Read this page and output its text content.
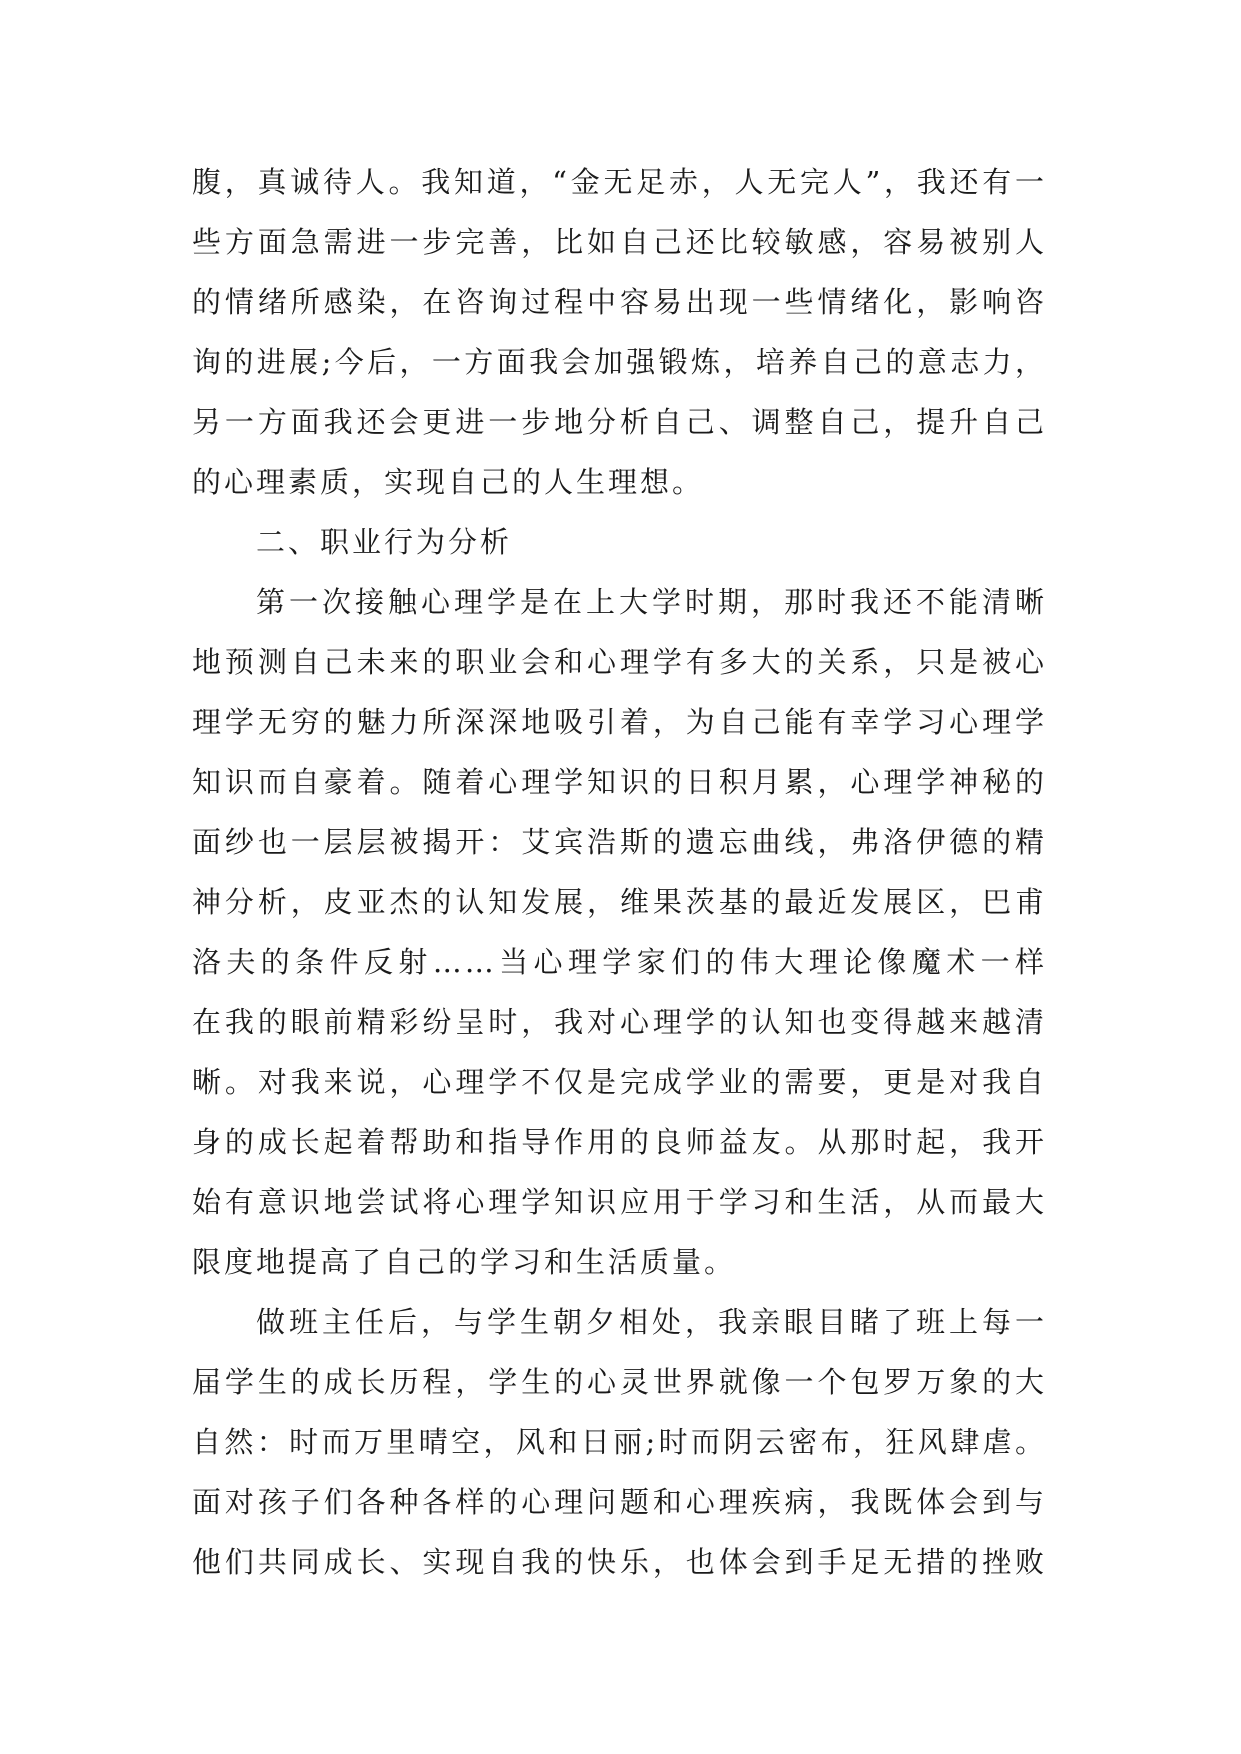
腹，真诚待人。我知道，“金无足赤，人无完人”，我还有一
些方面急需进一步完善，比如自己还比较敏感，容易被别人
的情绪所感染，在咨询过程中容易出现一些情绪化，影响咨
询的进展;今后，一方面我会加强锻炼，培养自己的意志力，
另一方面我还会更进一步地分析自己、调整自己，提升自己
的心理素质，实现自己的人生理想。
二、职业行为分析
第一次接触心理学是在上大学时期，那时我还不能清晰
地预测自己未来的职业会和心理学有多大的关系，只是被心
理学无穷的魅力所深深地吸引着，为自己能有幸学习心理学
知识而自豪着。随着心理学知识的日积月累，心理学神秘的
面纱也一层层被揭开：艾宾浩斯的遗忘曲线，弗洛伊德的精
神分析，皮亚杰的认知发展，维果茨基的最近发展区，巴甫
洛夫的条件反射……当心理学家们的伟大理论像魔术一样
在我的眼前精彩纷呈时，我对心理学的认知也变得越来越清
晰。对我来说，心理学不仅是完成学业的需要，更是对我自
身的成长起着帮助和指导作用的良师益友。从那时起，我开
始有意识地尝试将心理学知识应用于学习和生活，从而最大
限度地提高了自己的学习和生活质量。
做班主任后，与学生朝夕相处，我亲眼目睹了班上每一
届学生的成长历程，学生的心灵世界就像一个包罗万象的大
自然：时而万里晴空，风和日丽;时而阴云密布，狂风肆虐。
面对孩子们各种各样的心理问题和心理疾病，我既体会到与
他们共同成长、实现自我的快乐，也体会到手足无措的挫败
